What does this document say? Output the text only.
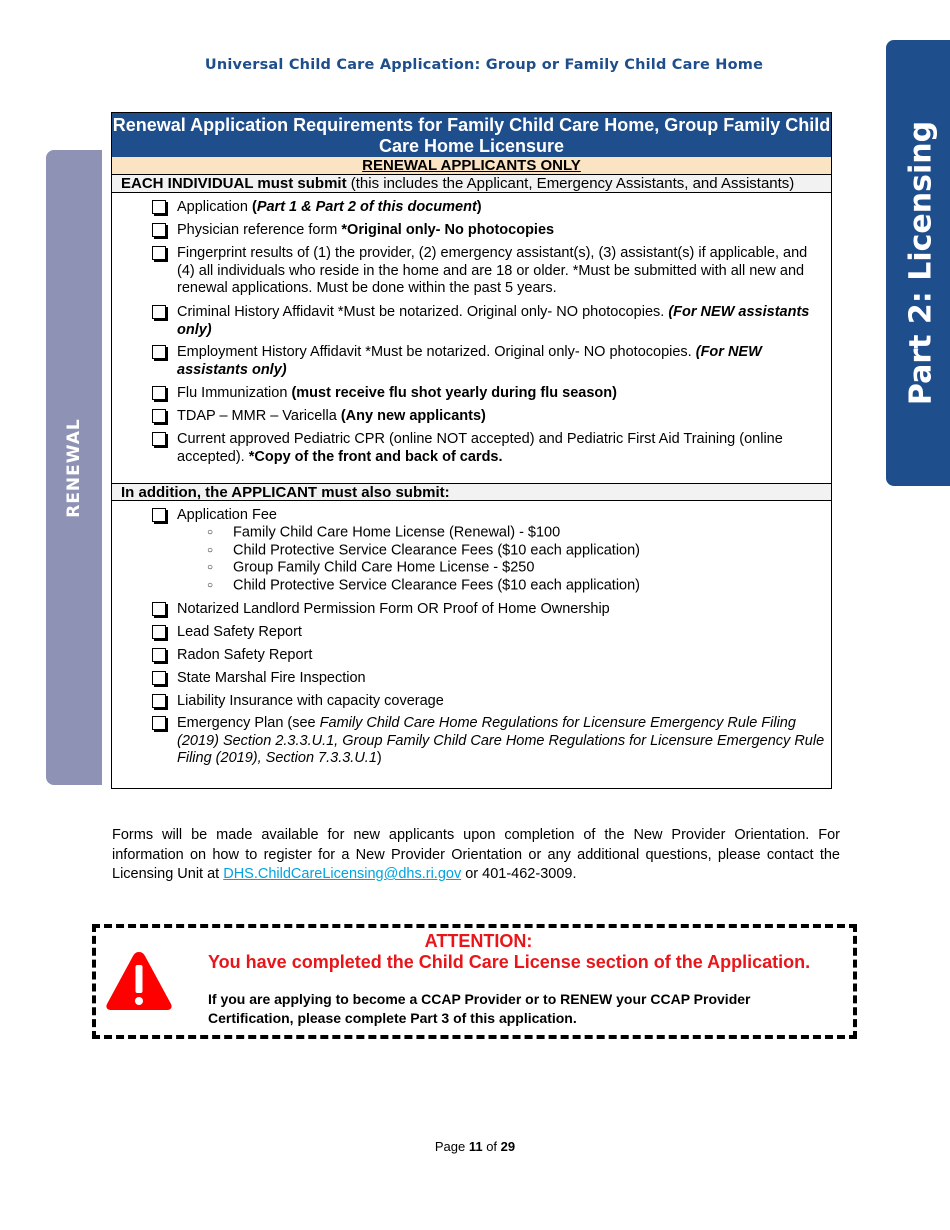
Universal Child Care Application: Group or Family Child Care Home
Part 2: Licensing
RENEWAL
Renewal Application Requirements for Family Child Care Home, Group Family Child Care Home Licensure
RENEWAL APPLICANTS ONLY
EACH INDIVIDUAL must submit (this includes the Applicant, Emergency Assistants, and Assistants)
Application (Part 1 & Part 2 of this document)
Physician reference form *Original only- No photocopies
Fingerprint results of (1) the provider, (2) emergency assistant(s), (3) assistant(s) if applicable, and (4) all individuals who reside in the home and are 18 or older. *Must be submitted with all new and renewal applications. Must be done within the past 5 years.
Criminal History Affidavit *Must be notarized. Original only- NO photocopies. (For NEW assistants only)
Employment History Affidavit *Must be notarized. Original only- NO photocopies. (For NEW assistants only)
Flu Immunization (must receive flu shot yearly during flu season)
TDAP – MMR – Varicella (Any new applicants)
Current approved Pediatric CPR (online NOT accepted) and Pediatric First Aid Training (online accepted). *Copy of the front and back of cards.
In addition, the APPLICANT must also submit:
Application Fee
○ Family Child Care Home License (Renewal) - $100
○ Child Protective Service Clearance Fees ($10 each application)
○ Group Family Child Care Home License - $250
○ Child Protective Service Clearance Fees ($10 each application)
Notarized Landlord Permission Form OR Proof of Home Ownership
Lead Safety Report
Radon Safety Report
State Marshal Fire Inspection
Liability Insurance with capacity coverage
Emergency Plan (see Family Child Care Home Regulations for Licensure Emergency Rule Filing (2019) Section 2.3.3.U.1, Group Family Child Care Home Regulations for Licensure Emergency Rule Filing (2019), Section 7.3.3.U.1)
Forms will be made available for new applicants upon completion of the New Provider Orientation. For information on how to register for a New Provider Orientation or any additional questions, please contact the Licensing Unit at DHS.ChildCareLicensing@dhs.ri.gov or 401-462-3009.
ATTENTION:
You have completed the Child Care License section of the Application.
If you are applying to become a CCAP Provider or to RENEW your CCAP Provider Certification, please complete Part 3 of this application.
Page 11 of 29
